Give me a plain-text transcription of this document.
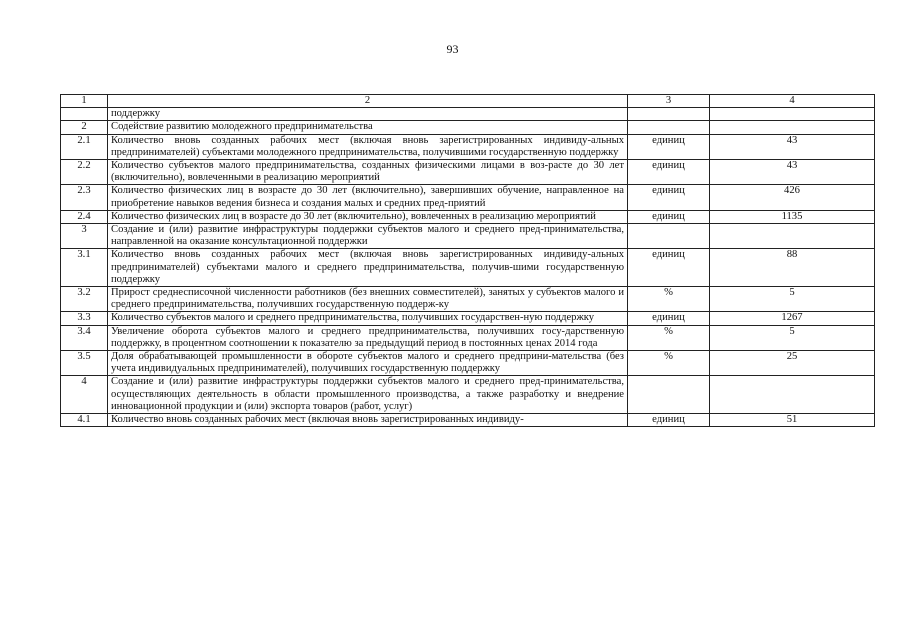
93
1	2	3	4
	поддержку		
2	Содействие развитию молодежного предпринимательства		
2.1	Количество вновь созданных рабочих мест (включая вновь зарегистрированных индивиду-альных предпринимателей) субъектами молодежного предпринимательства, получившими государственную поддержку	единиц	43
2.2	Количество субъектов малого предпринимательства, созданных физическими лицами в воз-расте до 30 лет (включительно), вовлеченными в реализацию мероприятий	единиц	43
2.3	Количество физических лиц в возрасте до 30 лет (включительно), завершивших обучение, направленное на приобретение навыков ведения бизнеса и создания малых и средних пред-приятий	единиц	426
2.4	Количество физических лиц в возрасте до 30 лет (включительно), вовлеченных в реализацию мероприятий	единиц	1135
3	Создание и (или) развитие инфраструктуры поддержки субъектов малого и среднего пред-принимательства, направленной на оказание консультационной поддержки		
3.1	Количество вновь созданных рабочих мест (включая вновь зарегистрированных индивиду-альных предпринимателей) субъектами малого и среднего предпринимательства, получив-шими государственную поддержку	единиц	88
3.2	Прирост среднесписочной численности работников (без внешних совместителей), занятых у субъектов малого и среднего предпринимательства, получивших государственную поддерж-ку	%	5
3.3	Количество субъектов малого и среднего предпринимательства, получивших государствен-ную поддержку	единиц	1267
3.4	Увеличение оборота субъектов малого и среднего предпринимательства, получивших госу-дарственную поддержку, в процентном соотношении к показателю за предыдущий период в постоянных ценах 2014 года	%	5
3.5	Доля обрабатывающей промышленности в обороте субъектов малого и среднего предприни-мательства (без учета индивидуальных предпринимателей), получивших государственную поддержку	%	25
4	Создание и (или) развитие инфраструктуры поддержки субъектов малого и среднего пред-принимательства, осуществляющих деятельность в области промышленного производства, а также разработку и внедрение инновационной продукции и (или) экспорта товаров (работ, услуг)		
4.1	Количество вновь созданных рабочих мест (включая вновь зарегистрированных индивиду-	единиц	51
